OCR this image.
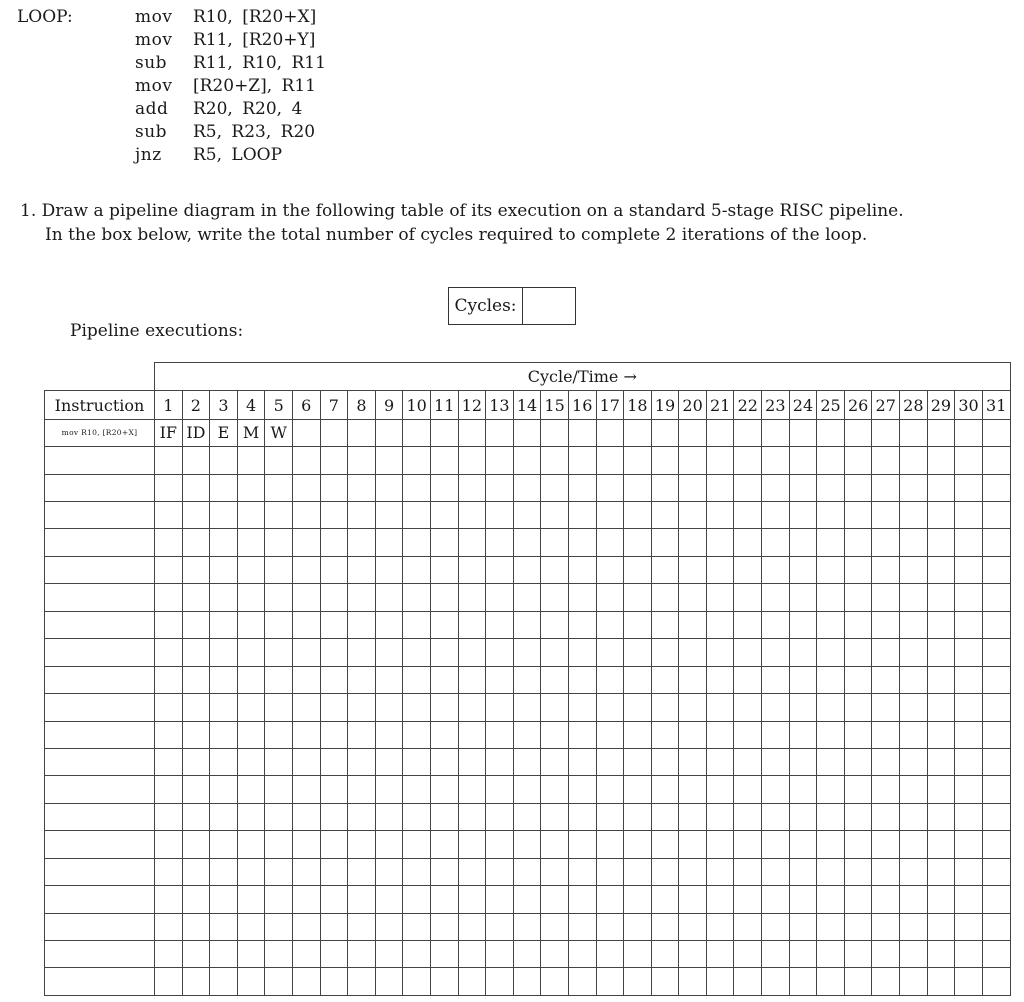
LOOP:	mov	R10, [R20+X]
mov	R11, [R20+Y]
sub	R11, R10, R11
mov	[R20+Z], R11
add	R20, R20, 4
sub	R5, R23, R20
jnz	R5, LOOP
1. Draw a pipeline diagram in the following table of its execution on a standard 5-stage RISC pipeline.
In the box below, write the total number of cycles required to complete 2 iterations of the loop.
Cycles:
Pipeline executions:
	Cycle/Time →																														
Instruction	1	2	3	4	5	6	7	8	9	10	11	12	13	14	15	16	17	18	19	20	21	22	23	24	25	26	27	28	29	30	31
mov R10, [R20+X]	IF	ID	E	M	W																										
